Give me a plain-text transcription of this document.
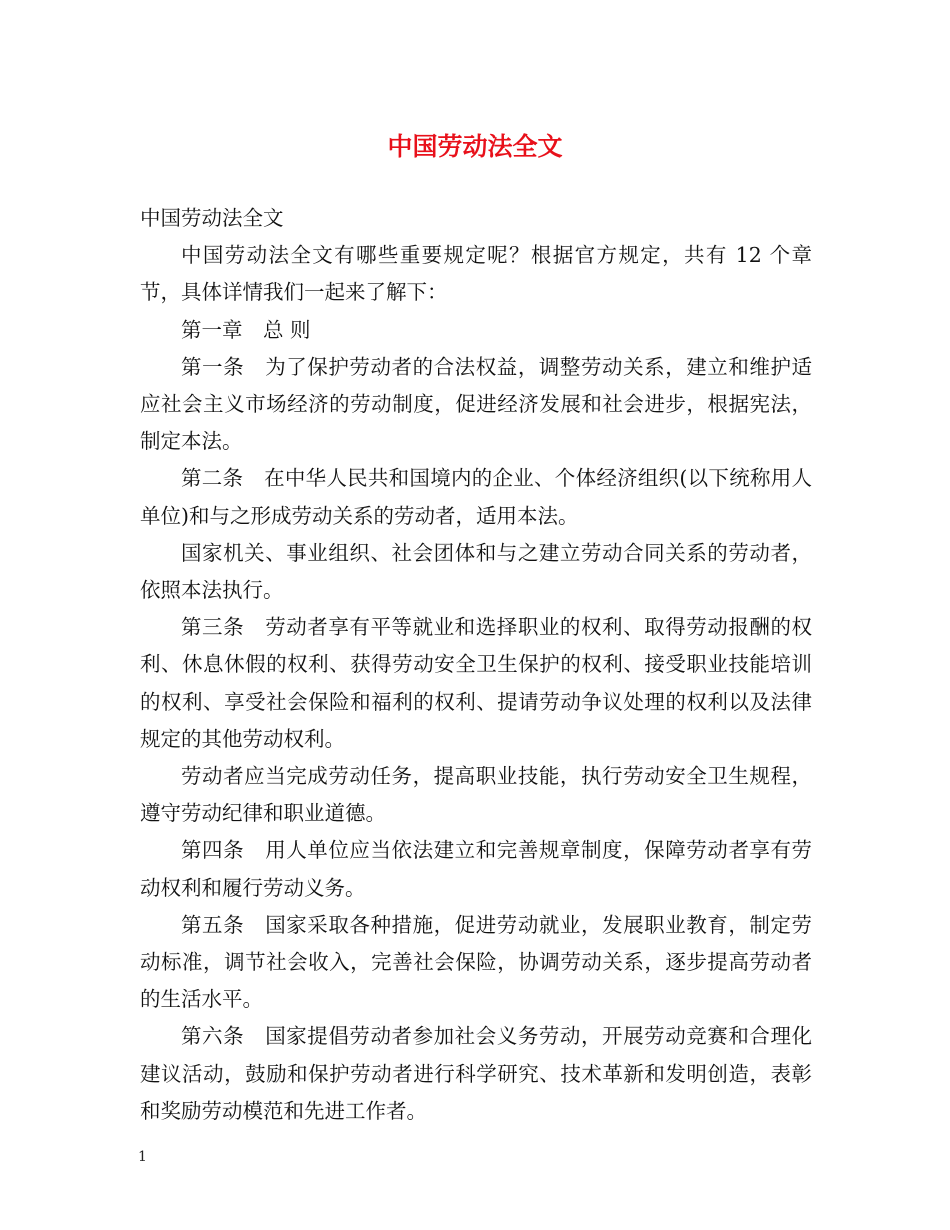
中国劳动法全文

中国劳动法全文

中国劳动法全文有哪些重要规定呢？根据官方规定，共有 12 个章节，具体详情我们一起来了解下：

第一章　总 则

第一条　为了保护劳动者的合法权益，调整劳动关系，建立和维护适应社会主义市场经济的劳动制度，促进经济发展和社会进步，根据宪法，制定本法。

第二条　在中华人民共和国境内的企业、个体经济组织(以下统称用人单位)和与之形成劳动关系的劳动者，适用本法。

国家机关、事业组织、社会团体和与之建立劳动合同关系的劳动者，依照本法执行。

第三条　劳动者享有平等就业和选择职业的权利、取得劳动报酬的权利、休息休假的权利、获得劳动安全卫生保护的权利、接受职业技能培训的权利、享受社会保险和福利的权利、提请劳动争议处理的权利以及法律规定的其他劳动权利。

劳动者应当完成劳动任务，提高职业技能，执行劳动安全卫生规程，遵守劳动纪律和职业道德。

第四条　用人单位应当依法建立和完善规章制度，保障劳动者享有劳动权利和履行劳动义务。

第五条　国家采取各种措施，促进劳动就业，发展职业教育，制定劳动标准，调节社会收入，完善社会保险，协调劳动关系，逐步提高劳动者的生活水平。

第六条　国家提倡劳动者参加社会义务劳动，开展劳动竞赛和合理化建议活动，鼓励和保护劳动者进行科学研究、技术革新和发明创造，表彰和奖励劳动模范和先进工作者。

1
